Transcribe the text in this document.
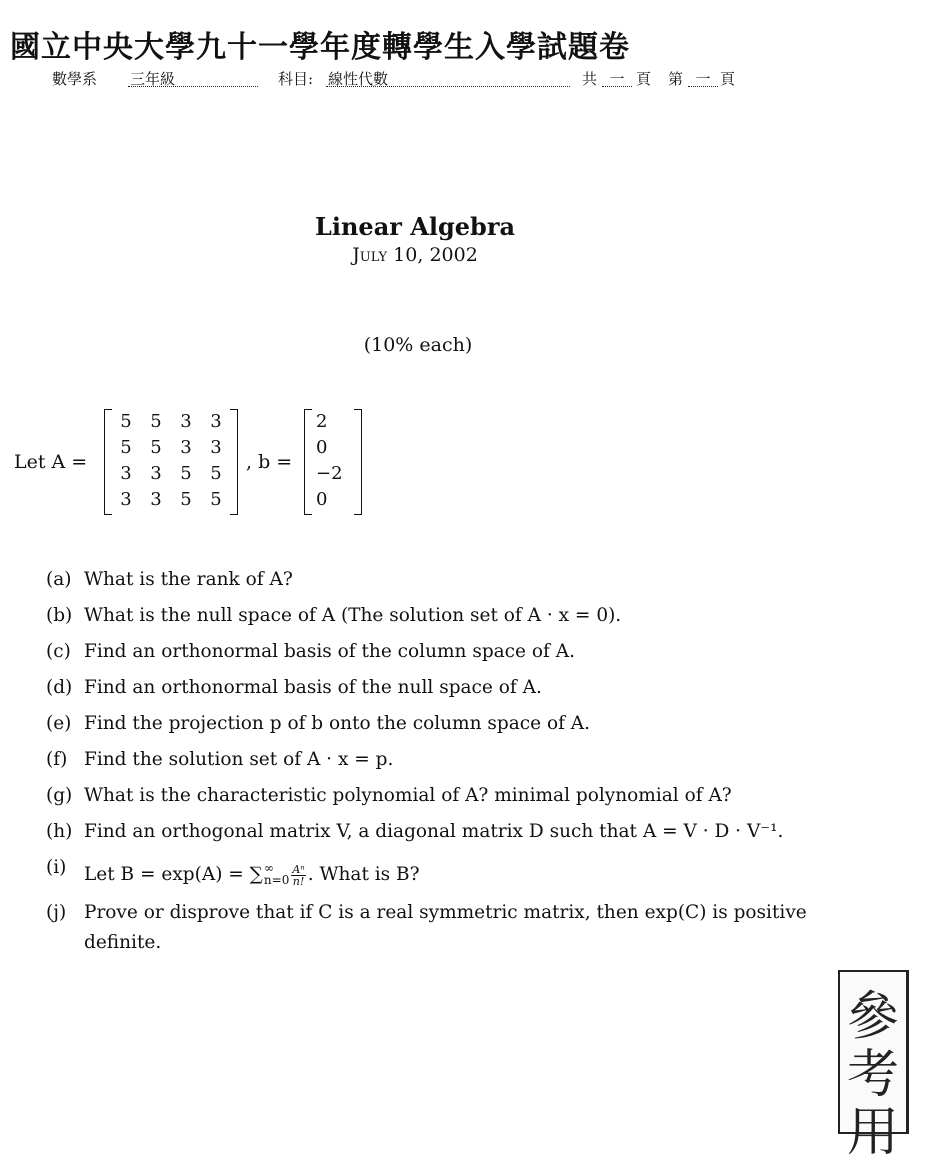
國立中央大學九十一學年度轉學生入學試題卷
數學系 三年級	科目: 線性代數	共 一 頁 第 一 頁
Linear Algebra
July 10, 2002
(10% each)
Let A =
5	5	3	3
5	5	3	3
3	3	5	5
3	3	5	5
, b =
2
0
−2
0
(a) What is the rank of A?
(b) What is the null space of A (The solution set of A · x = 0).
(c) Find an orthonormal basis of the column space of A.
(d) Find an orthonormal basis of the null space of A.
(e) Find the projection p of b onto the column space of A.
(f) Find the solution set of A · x = p.
(g) What is the characteristic polynomial of A? minimal polynomial of A?
(h) Find an orthogonal matrix V, a diagonal matrix D such that A = V · D · V⁻¹.
(i) Let $B = \exp(A) = \sum^\infty_{n=0} \frac{\text{Aⁿ}}{n!}$ . What is B?
(j) Prove or disprove that if C is a real symmetric matrix, then exp(C) is positive definite.
參
考
用
